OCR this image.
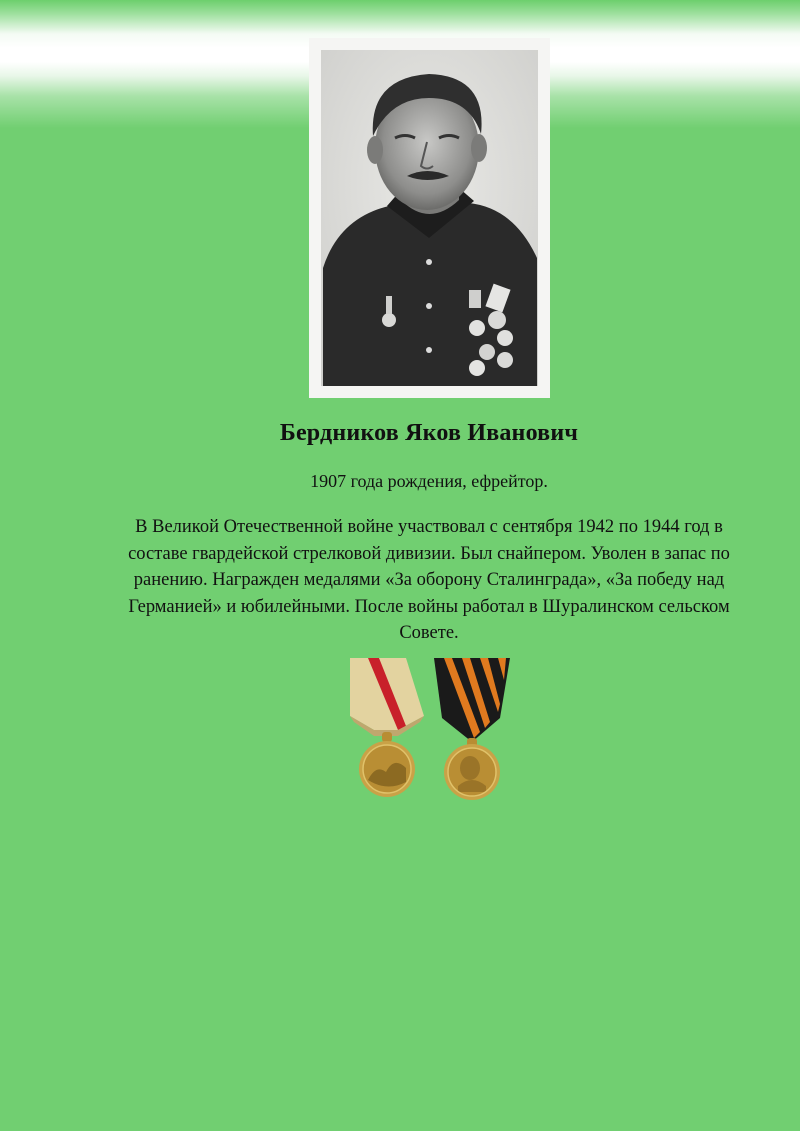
Бердников Яков Иванович
1907 года рождения, ефрейтор.
В Великой Отечественной войне участвовал с сентября 1942 по 1944 год в составе гвардейской стрелковой дивизии. Был снайпером. Уволен в запас по ранению. Награжден медалями «За оборону Сталинграда», «За победу над Германией» и юбилейными. После войны работал в Шуралинском сельском Совете.
